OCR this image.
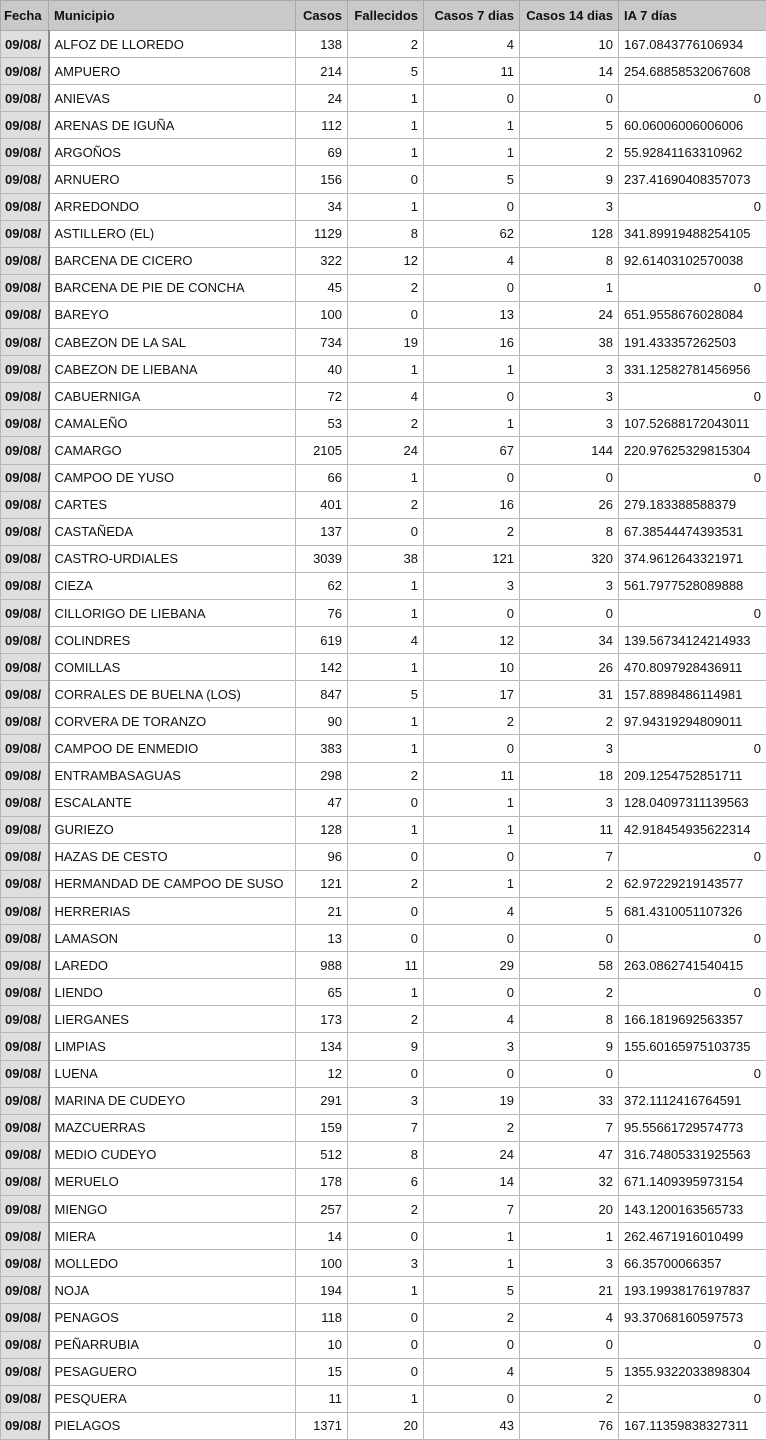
Fecha	Municipio	Casos	Fallecidos	Casos 7 dias	Casos 14 dias	IA 7 días
09/08/	ALFOZ DE LLOREDO	138	2	4	10	167.0843776106934
09/08/	AMPUERO	214	5	11	14	254.68858532067608
09/08/	ANIEVAS	24	1	0	0	0
09/08/	ARENAS DE IGUÑA	112	1	1	5	60.06006006006006
09/08/	ARGOÑOS	69	1	1	2	55.92841163310962
09/08/	ARNUERO	156	0	5	9	237.41690408357073
09/08/	ARREDONDO	34	1	0	3	0
09/08/	ASTILLERO (EL)	1129	8	62	128	341.89919488254105
09/08/	BARCENA DE CICERO	322	12	4	8	92.61403102570038
09/08/	BARCENA DE PIE DE CONCHA	45	2	0	1	0
09/08/	BAREYO	100	0	13	24	651.9558676028084
09/08/	CABEZON DE LA SAL	734	19	16	38	191.433357262503
09/08/	CABEZON DE LIEBANA	40	1	1	3	331.12582781456956
09/08/	CABUERNIGA	72	4	0	3	0
09/08/	CAMALEÑO	53	2	1	3	107.52688172043011
09/08/	CAMARGO	2105	24	67	144	220.97625329815304
09/08/	CAMPOO DE YUSO	66	1	0	0	0
09/08/	CARTES	401	2	16	26	279.183388588379
09/08/	CASTAÑEDA	137	0	2	8	67.38544474393531
09/08/	CASTRO-URDIALES	3039	38	121	320	374.9612643321971
09/08/	CIEZA	62	1	3	3	561.7977528089888
09/08/	CILLORIGO DE LIEBANA	76	1	0	0	0
09/08/	COLINDRES	619	4	12	34	139.56734124214933
09/08/	COMILLAS	142	1	10	26	470.8097928436911
09/08/	CORRALES DE BUELNA (LOS)	847	5	17	31	157.8898486114981
09/08/	CORVERA DE TORANZO	90	1	2	2	97.94319294809011
09/08/	CAMPOO DE ENMEDIO	383	1	0	3	0
09/08/	ENTRAMBASAGUAS	298	2	11	18	209.1254752851711
09/08/	ESCALANTE	47	0	1	3	128.04097311139563
09/08/	GURIEZO	128	1	1	11	42.918454935622314
09/08/	HAZAS DE CESTO	96	0	0	7	0
09/08/	HERMANDAD DE CAMPOO DE SUSO	121	2	1	2	62.97229219143577
09/08/	HERRERIAS	21	0	4	5	681.4310051107326
09/08/	LAMASON	13	0	0	0	0
09/08/	LAREDO	988	11	29	58	263.0862741540415
09/08/	LIENDO	65	1	0	2	0
09/08/	LIERGANES	173	2	4	8	166.1819692563357
09/08/	LIMPIAS	134	9	3	9	155.60165975103735
09/08/	LUENA	12	0	0	0	0
09/08/	MARINA DE CUDEYO	291	3	19	33	372.1112416764591
09/08/	MAZCUERRAS	159	7	2	7	95.55661729574773
09/08/	MEDIO CUDEYO	512	8	24	47	316.74805331925563
09/08/	MERUELO	178	6	14	32	671.1409395973154
09/08/	MIENGO	257	2	7	20	143.1200163565733
09/08/	MIERA	14	0	1	1	262.4671916010499
09/08/	MOLLEDO	100	3	1	3	66.35700066357
09/08/	NOJA	194	1	5	21	193.19938176197837
09/08/	PENAGOS	118	0	2	4	93.37068160597573
09/08/	PEÑARRUBIA	10	0	0	0	0
09/08/	PESAGUERO	15	0	4	5	1355.9322033898304
09/08/	PESQUERA	11	1	0	2	0
09/08/	PIELAGOS	1371	20	43	76	167.11359838327311
